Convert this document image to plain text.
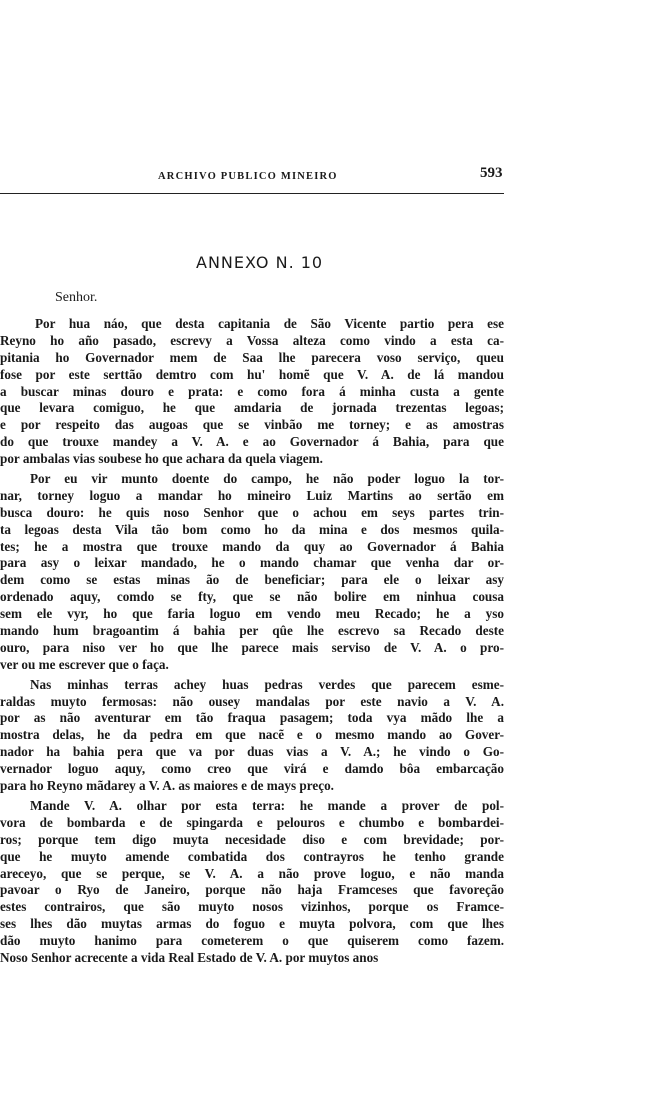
ARCHIVO PUBLICO MINEIRO	593
ANNEXO N. 10
Senhor.
Por hua náo, que desta capitania de São Vicente partio pera ese
Reyno ho año pasado, escrevy a Vossa alteza como vindo a esta ca-
pitania ho Governador mem de Saa lhe parecera voso serviço, queu
fose por este serttão demtro com hu' homẽ que V. A. de lá mandou
a buscar minas douro e prata: e como fora á minha custa a gente
que levara comiguo, he que amdaria de jornada trezentas legoas;
e por respeito das augoas que se vinbão me torney; e as amostras
do que trouxe mandey a V. A. e ao Governador á Bahia, para que
por ambalas vias soubese ho que achara da quela viagem.
Por eu vir munto doente do campo, he não poder loguo la tor-
nar, torney loguo a mandar ho mineiro Luiz Martins ao sertão em
busca douro: he quis noso Senhor que o achou em seys partes trin-
ta legoas desta Vila tão bom como ho da mina e dos mesmos quila-
tes; he a mostra que trouxe mando da quy ao Governador á Bahia
para asy o leixar mandado, he o mando chamar que venha dar or-
dem como se estas minas ão de beneficiar; para ele o leixar asy
ordenado aquy, comdo se fty, que se não bolire em ninhua cousa
sem ele vyr, ho que faria loguo em vendo meu Recado; he a yso
mando hum bragoantim á bahia per qûe lhe escrevo sa Recado deste
ouro, para niso ver ho que lhe parece mais serviso de V. A. o pro-
ver ou me escrever que o faça.
Nas minhas terras achey huas pedras verdes que parecem esme-
raldas muyto fermosas: não ousey mandalas por este navio a V. A.
por as não aventurar em tão fraqua pasagem; toda vya mãdo lhe a
mostra delas, he da pedra em que nacẽ e o mesmo mando ao Gover-
nador ha bahia pera que va por duas vias a V. A.; he vindo o Go-
vernador loguo aquy, como creo que virá e damdo bôa embarcação
para ho Reyno mãdarey a V. A. as maiores e de mays preço.
Mande V. A. olhar por esta terra: he mande a prover de pol-
vora de bombarda e de spingarda e pelouros e chumbo e bombardei-
ros; porque tem digo muyta necesidade diso e com brevidade; por-
que he muyto amende combatida dos contrayros he tenho grande
areceyo, que se perque, se V. A. a não prove loguo, e não manda
pavoar o Ryo de Janeiro, porque não haja Framceses que favoreção
estes contrairos, que são muyto nosos vizinhos, porque os Framce-
ses lhes dão muytas armas do foguo e muyta polvora, com que lhes
dão muyto hanimo para cometerem o que quiserem como fazem.
Noso Senhor acrecente a vida Real Estado de V. A. por muytos anos
